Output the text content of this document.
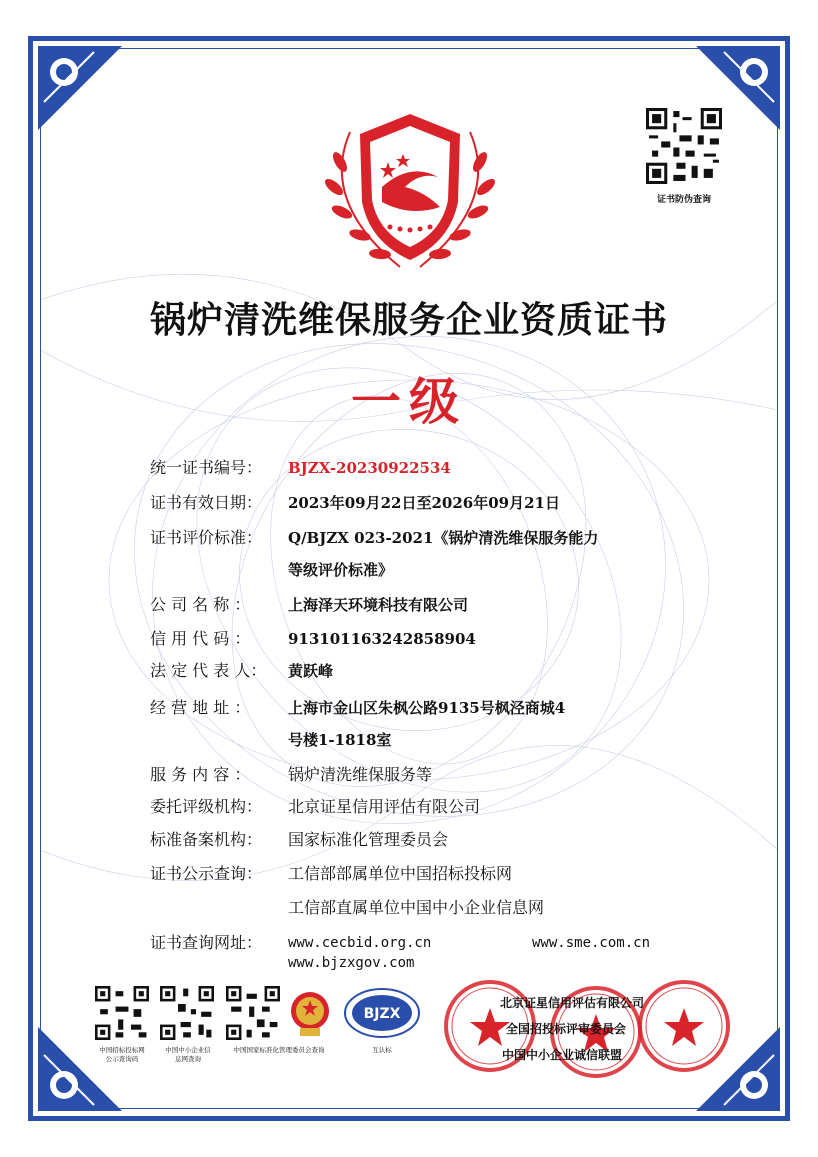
证书防伪查询
锅炉清洗维保服务企业资质证书
一级
统一证书编号：	BJZX-20230922534
证书有效日期：	2023年09月22日至2026年09月21日
证书评价标准：	Q/BJZX 023-2021《锅炉清洗维保服务能力
等级评价标准》
公 司 名 称 ：	上海泽天环境科技有限公司
信 用 代 码 ：	91310116324285890​4
法 定 代 表 人：	黄跃峰
经 营 地 址 ：	上海市金山区朱枫公路9135号枫泾商城4
号楼1-1818室
服 务 内 容 ：	锅炉清洗维保服务等
委托评级机构：	北京证星信用评估有限公司
标准备案机构：	国家标准化管理委员会
证书公示查询：	工信部部属单位中国招标投标网
工信部直属单位中国中小企业信息网
证书查询网址：	www.cecbid.org.cn	www.sme.com.cn
www.bjzxgov.com
中国招标投标网
公示查询码
中国中小企业信
息网查询
中国国家标准化管理委员会查询
BJZX
互认标
北京证星信用评估有限公司
全国招投标评审委员会
中国中小企业诚信联盟
